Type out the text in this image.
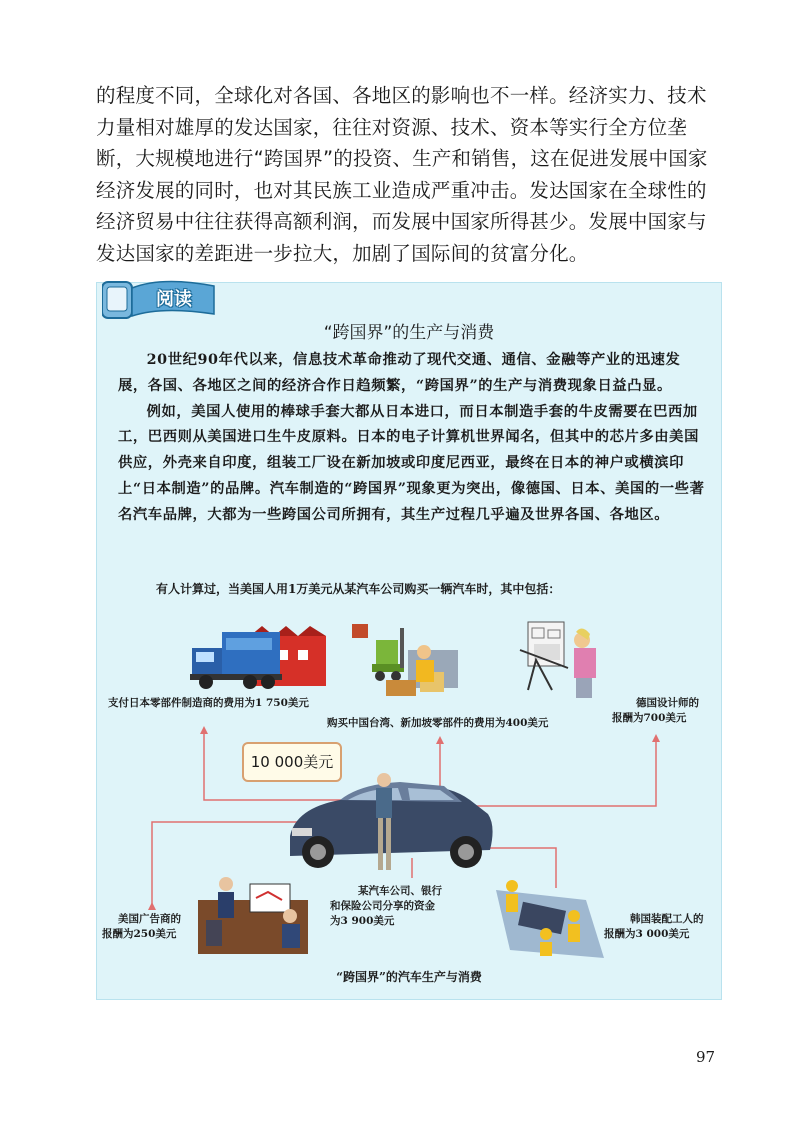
的程度不同，全球化对各国、各地区的影响也不一样。经济实力、技术力量相对雄厚的发达国家，往往对资源、技术、资本等实行全方位垄断，大规模地进行“跨国界”的投资、生产和销售，这在促进发展中国家经济发展的同时，也对其民族工业造成严重冲击。发达国家在全球性的经济贸易中往往获得高额利润，而发展中国家所得甚少。发展中国家与发达国家的差距进一步拉大，加剧了国际间的贫富分化。

阅读
“跨国界”的生产与消费

20世纪90年代以来，信息技术革命推动了现代交通、通信、金融等产业的迅速发展，各国、各地区之间的经济合作日趋频繁，“跨国界”的生产与消费现象日益凸显。

例如，美国人使用的棒球手套大都从日本进口，而日本制造手套的牛皮需要在巴西加工，巴西则从美国进口生牛皮原料。日本的电子计算机世界闻名，但其中的芯片多由美国供应，外壳来自印度，组装工厂设在新加坡或印度尼西亚，最终在日本的神户或横滨印上“日本制造”的品牌。汽车制造的“跨国界”现象更为突出，像德国、日本、美国的一些著名汽车品牌，大都为一些跨国公司所拥有，其生产过程几乎遍及世界各国、各地区。

有人计算过，当美国人用1万美元从某汽车公司购买一辆汽车时，其中包括：
10 000美元
支付日本零部件制造商的费用为1 750美元
购买中国台湾、新加坡零部件的费用为400美元
德国设计师的
报酬为700美元
美国广告商的
报酬为250美元
某汽车公司、银行
和保险公司分享的资金
为3 900美元	韩国装配工人的
报酬为3 000美元
“跨国界”的汽车生产与消费
97
